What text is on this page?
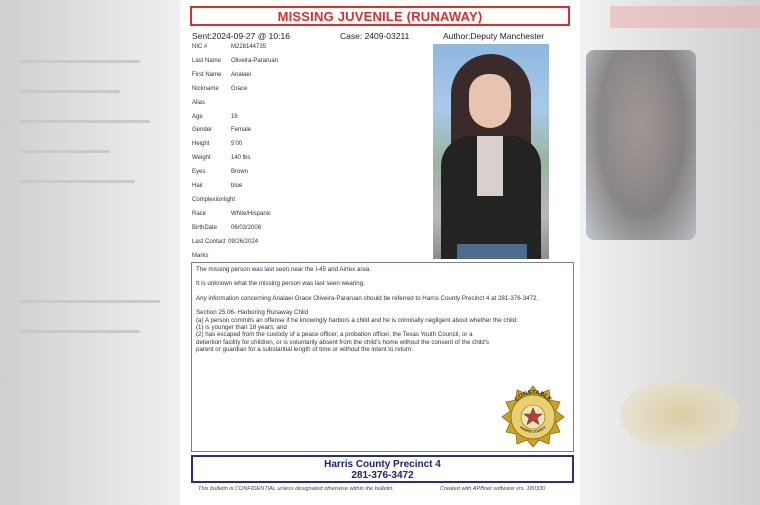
MISSING JUVENILE (RUNAWAY)
Sent:2024-09-27 @ 10:16	Case: 2409-03211	Author:Deputy Manchester
NIC #	M228144735
Last Name Oliveira-Pararuan
First Name Analaei
Nickname Grace
Alias
Age	16
Gender	Female
Height	5'00
Weight	140 lbs
Eyes	Brown
Hair	blue
Complexion light
Race	White/Hispanic
BirthDate 06/03/2008
Last Contact 09/26/2024
Marks

The missing person was last seen near the I-45 and Airtex area.

It is unknown what the missing person was last seen wearing.

Any information concerning Analaei Grace Oliveira-Pararuan should be referred to Harris County Precinct 4 at 281-376-3472.

Section 25.06- Harboring Runaway Child
(a) A person commits an offense if he knowingly harbors a child and he is criminally negligent about whether the child:
(1) is younger than 18 years; and
(2) has escaped from the custody of a peace officer, a probation officer, the Texas Youth Council, or a detention facility for children, or is voluntarily absent from the child's home without the consent of the child's parent or guardian for a substantial length of time or without the intent to return.
CONSTABLE
HARRIS COUNTY
Harris County Precinct 4
281-376-3472
This bulletin is CONFIDENTIAL unless designated otherwise within the bulletin.	Created with APBnet software vrs. 180330
